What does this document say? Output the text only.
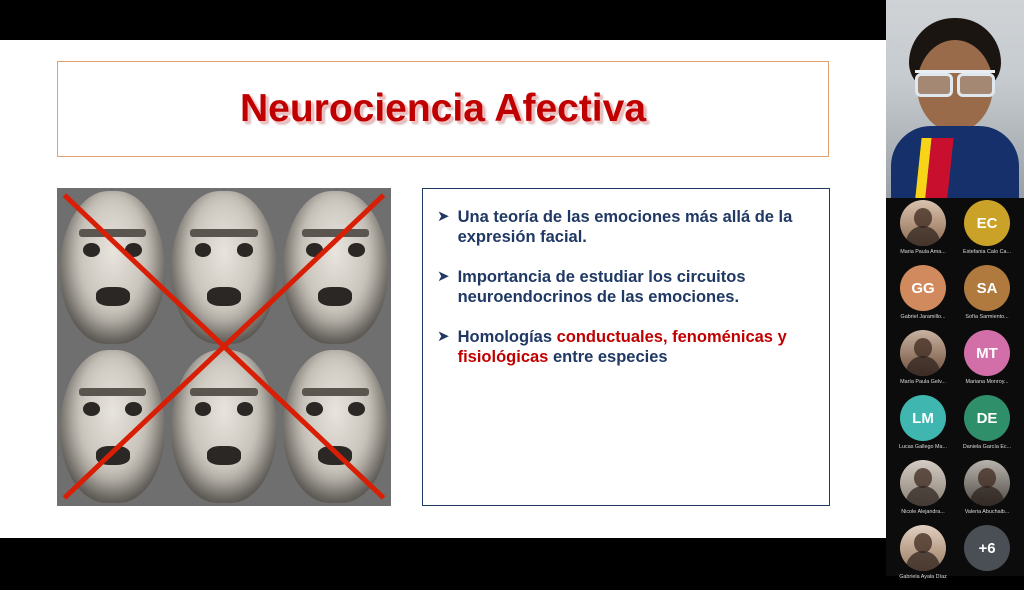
Neurociencia Afectiva
➤ Una teoría de las emociones más allá de la expresión facial.
➤ Importancia de estudiar los circuitos neuroendocrinos de las emociones.
➤ Homologías conductuales, fenoménicas y fisiológicas entre especies
Maria Paula Ama...
EC
Estefania Calo Ca...
GG
Gabriel Jaramillo...
SA
Sofía Sarmiento...
María Paula Gelv...
MT
Mariana Monroy...
LM
Lucas Gallego Ma...
DE
Daniela García Ec...
Nicole Alejandra...	Valeria Abuchaib...
Gabriela Ayala Díaz
+6
